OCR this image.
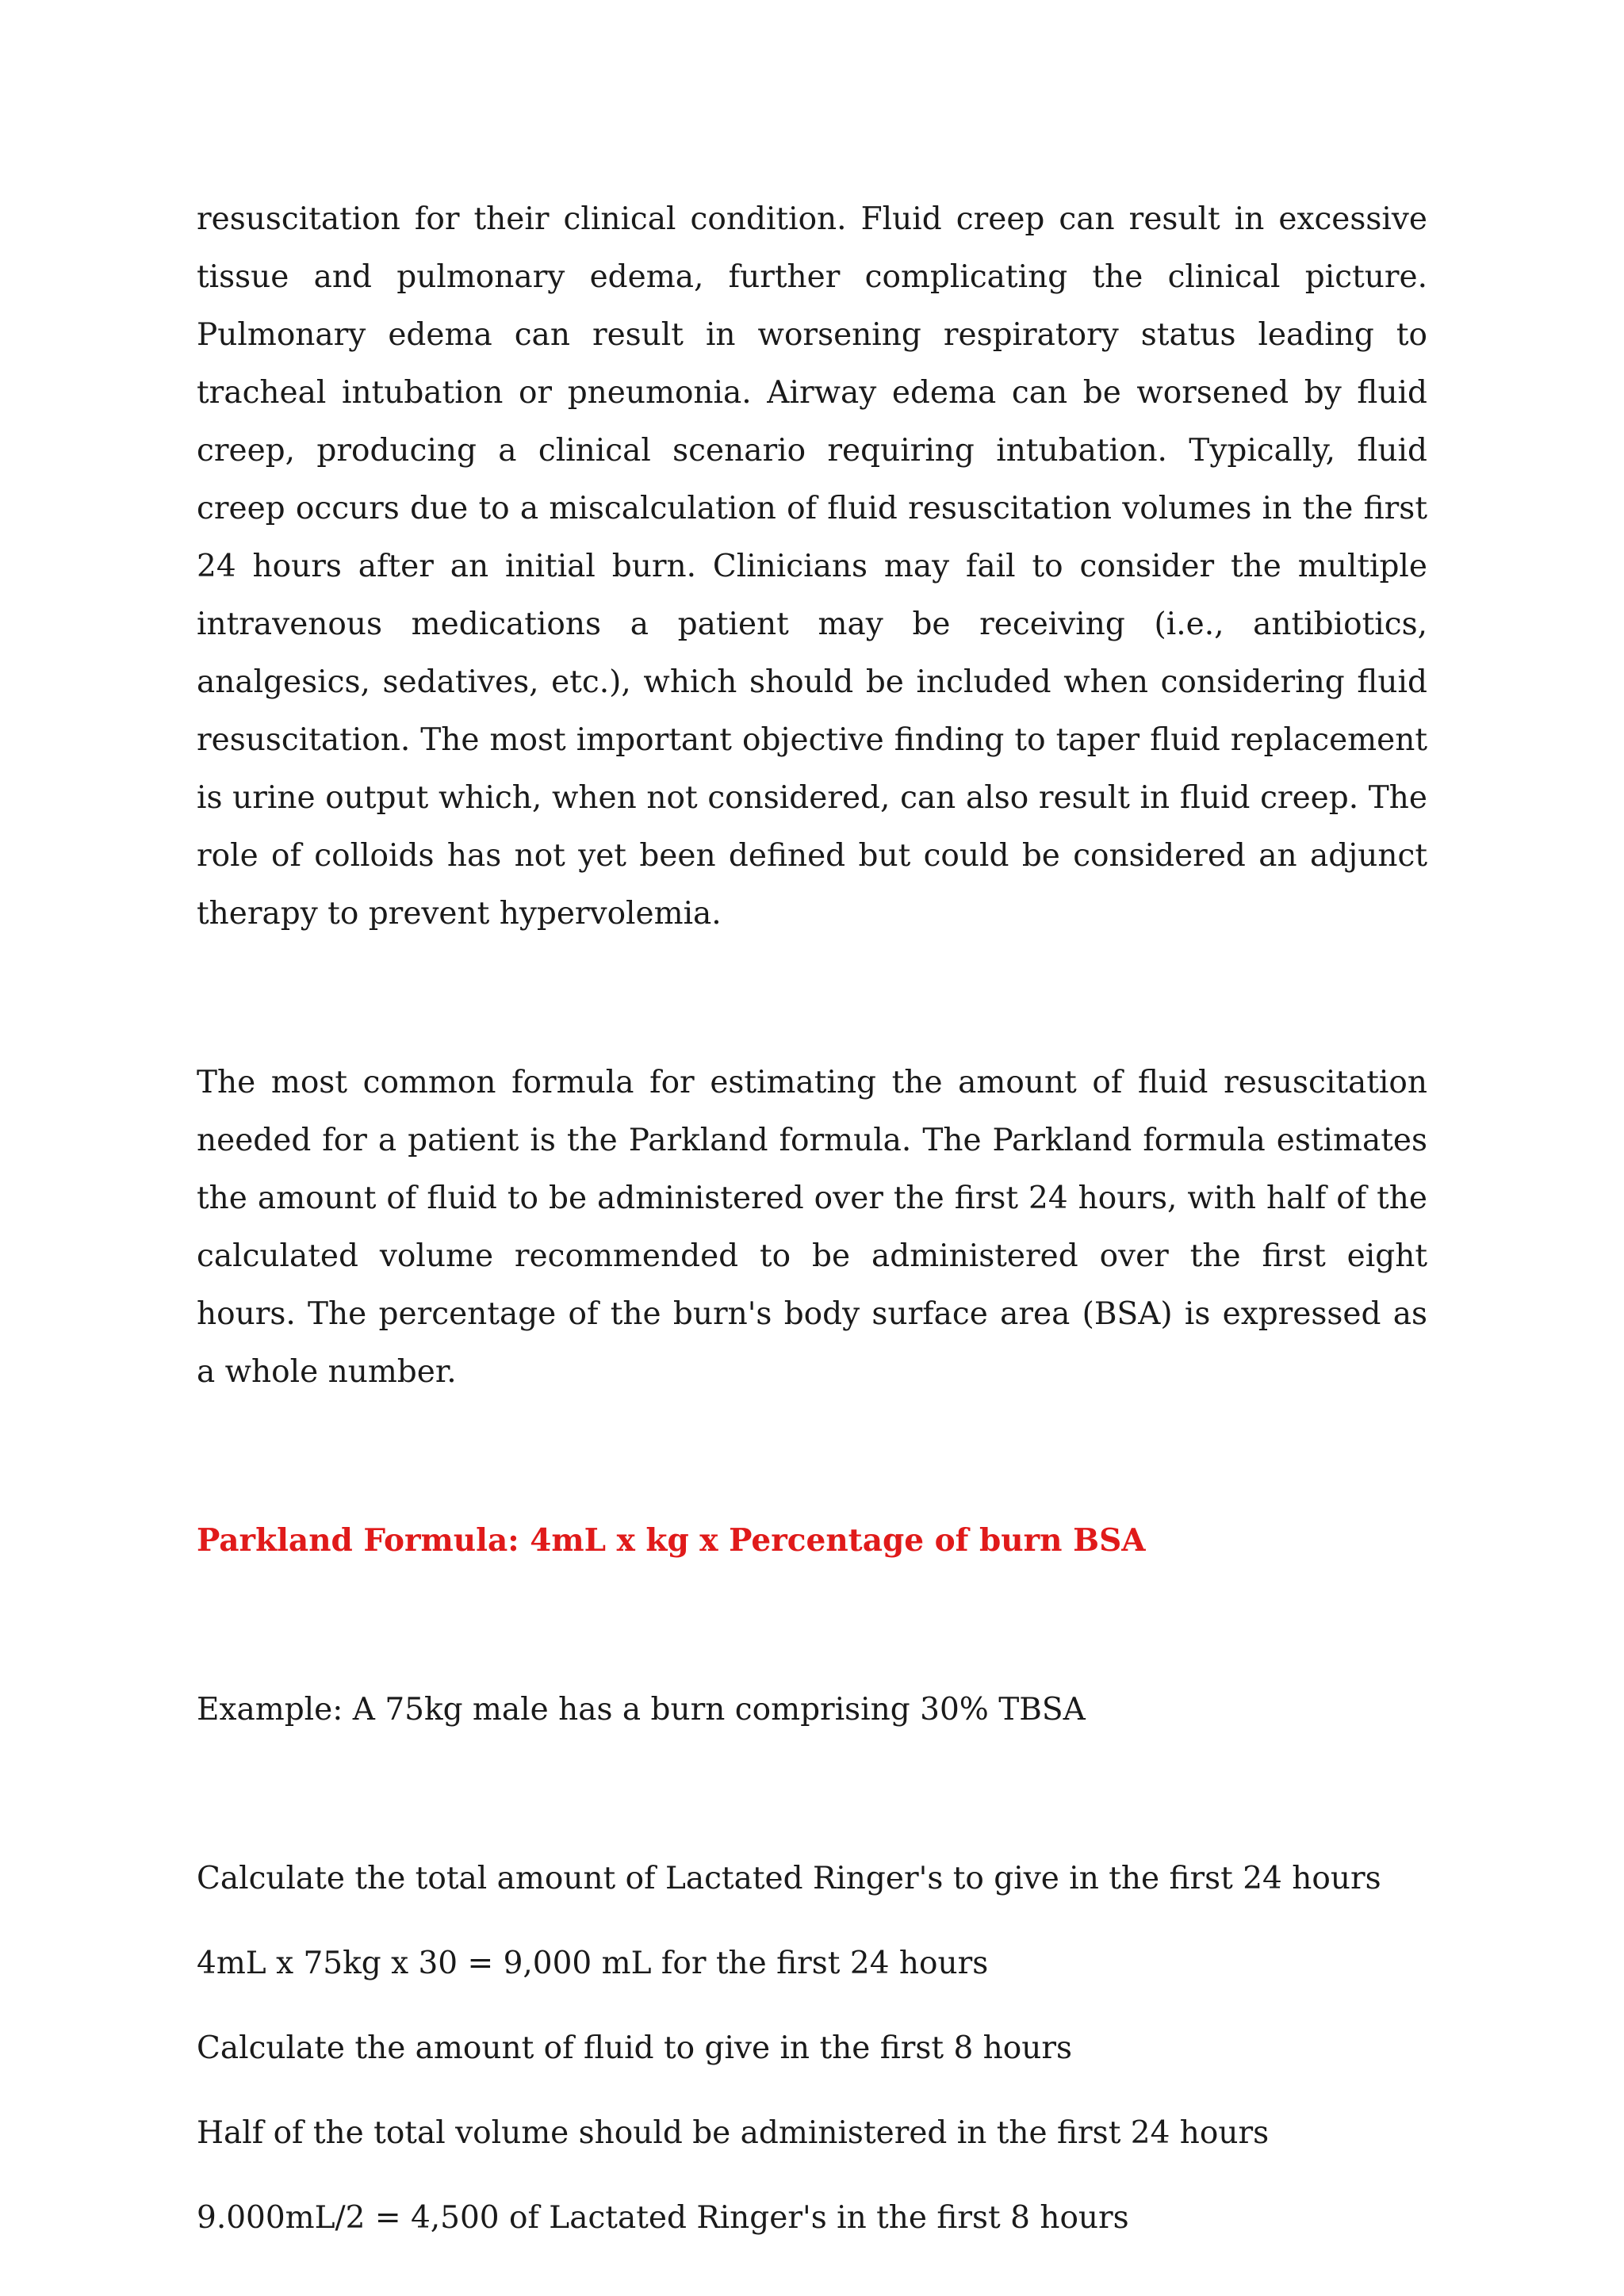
resuscitation for their clinical condition. Fluid creep can result in excessive tissue and pulmonary edema, further complicating the clinical picture. Pulmonary edema can result in worsening respiratory status leading to tracheal intubation or pneumonia. Airway edema can be worsened by fluid creep, producing a clinical scenario requiring intubation. Typically, fluid creep occurs due to a miscalculation of fluid resuscitation volumes in the first 24 hours after an initial burn. Clinicians may fail to consider the multiple intravenous medications a patient may be receiving (i.e., antibiotics, analgesics, sedatives, etc.), which should be included when considering fluid resuscitation. The most important objective finding to taper fluid replacement is urine output which, when not considered, can also result in fluid creep. The role of colloids has not yet been defined but could be considered an adjunct therapy to prevent hypervolemia.

The most common formula for estimating the amount of fluid resuscitation needed for a patient is the Parkland formula. The Parkland formula estimates the amount of fluid to be administered over the first 24 hours, with half of the calculated volume recommended to be administered over the first eight hours. The percentage of the burn's body surface area (BSA) is expressed as a whole number.

Parkland Formula: 4mL x kg x Percentage of burn BSA

Example: A 75kg male has a burn comprising 30% TBSA

Calculate the total amount of Lactated Ringer's to give in the first 24 hours
4mL x 75kg x 30 = 9,000 mL for the first 24 hours
Calculate the amount of fluid to give in the first 8 hours
Half of the total volume should be administered in the first 24 hours
9.000mL/2 = 4,500 of Lactated Ringer's in the first 8 hours
